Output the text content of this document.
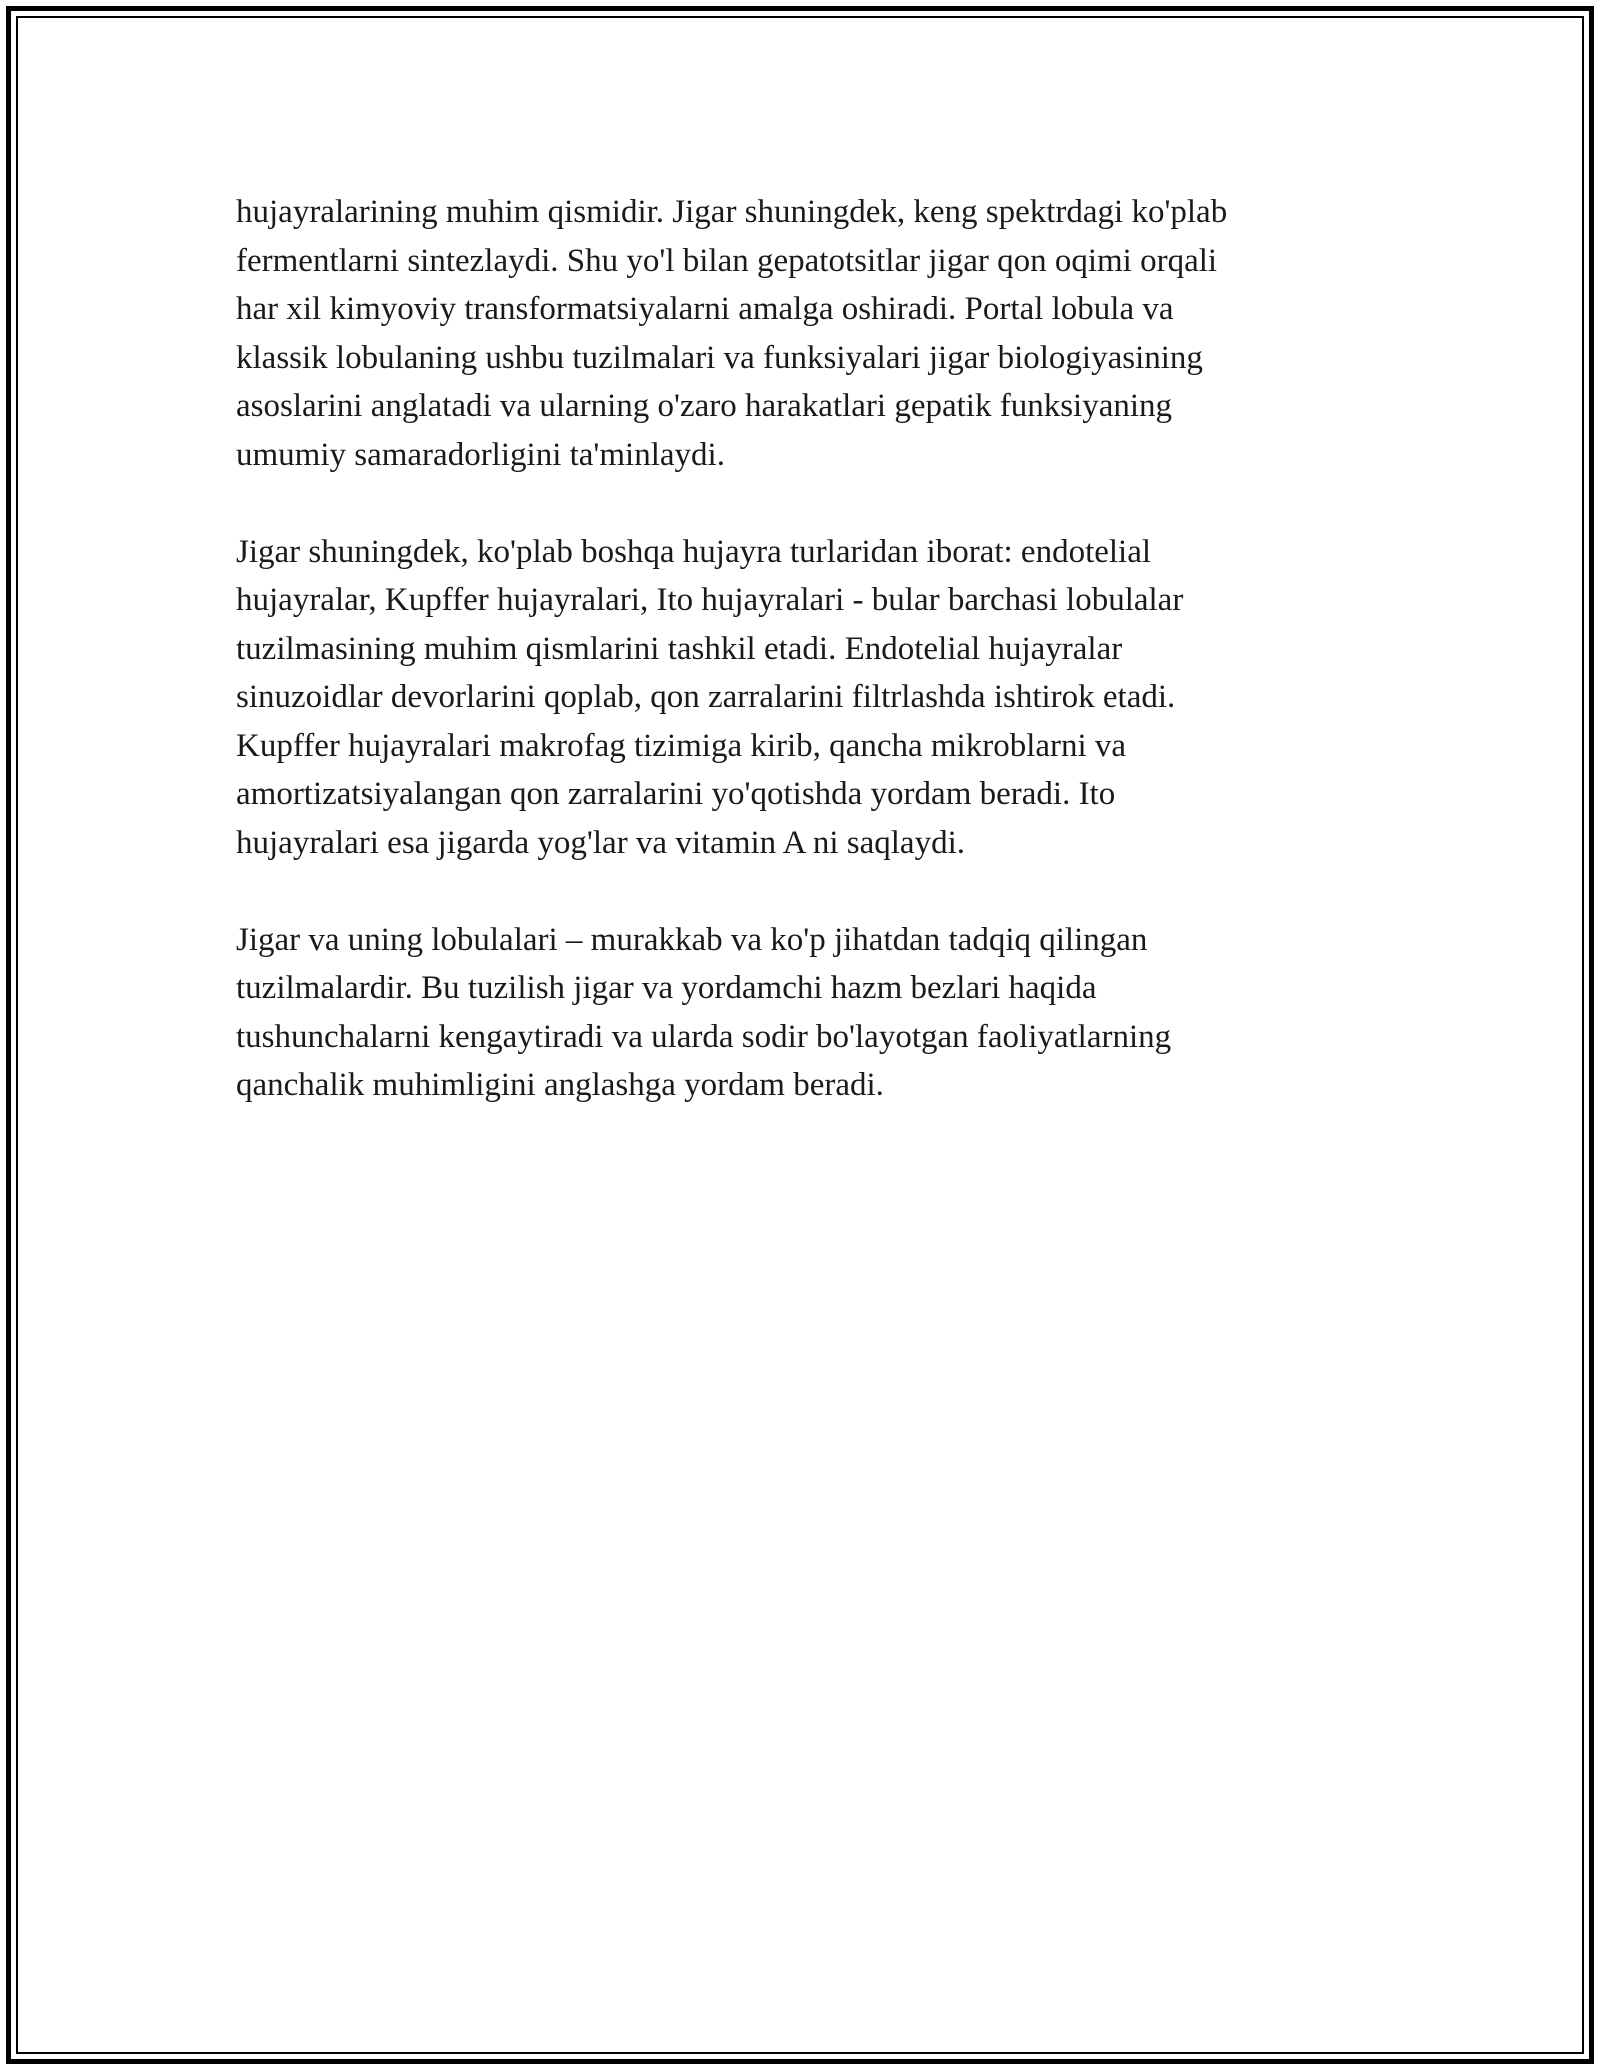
hujayralarining muhim qismidir. Jigar shuningdek, keng spektrdagi ko'plab
fermentlarni sintezlaydi. Shu yo'l bilan gepatotsitlar jigar qon oqimi orqali
har xil kimyoviy transformatsiyalarni amalga oshiradi. Portal lobula va
klassik lobulaning ushbu tuzilmalari va funksiyalari jigar biologiyasining
asoslarini anglatadi va ularning o'zaro harakatlari gepatik funksiyaning
umumiy samaradorligini ta'minlaydi.

Jigar shuningdek, ko'plab boshqa hujayra turlaridan iborat: endotelial
hujayralar, Kupffer hujayralari, Ito hujayralari - bular barchasi lobulalar
tuzilmasining muhim qismlarini tashkil etadi. Endotelial hujayralar
sinuzoidlar devorlarini qoplab, qon zarralarini filtrlashda ishtirok etadi.
Kupffer hujayralari makrofag tizimiga kirib, qancha mikroblarni va
amortizatsiyalangan qon zarralarini yo'qotishda yordam beradi. Ito
hujayralari esa jigarda yog'lar va vitamin A ni saqlaydi.

Jigar va uning lobulalari – murakkab va ko'p jihatdan tadqiq qilingan
tuzilmalardir. Bu tuzilish jigar va yordamchi hazm bezlari haqida
tushunchalarni kengaytiradi va ularda sodir bo'layotgan faoliyatlarning
qanchalik muhimligini anglashga yordam beradi.
